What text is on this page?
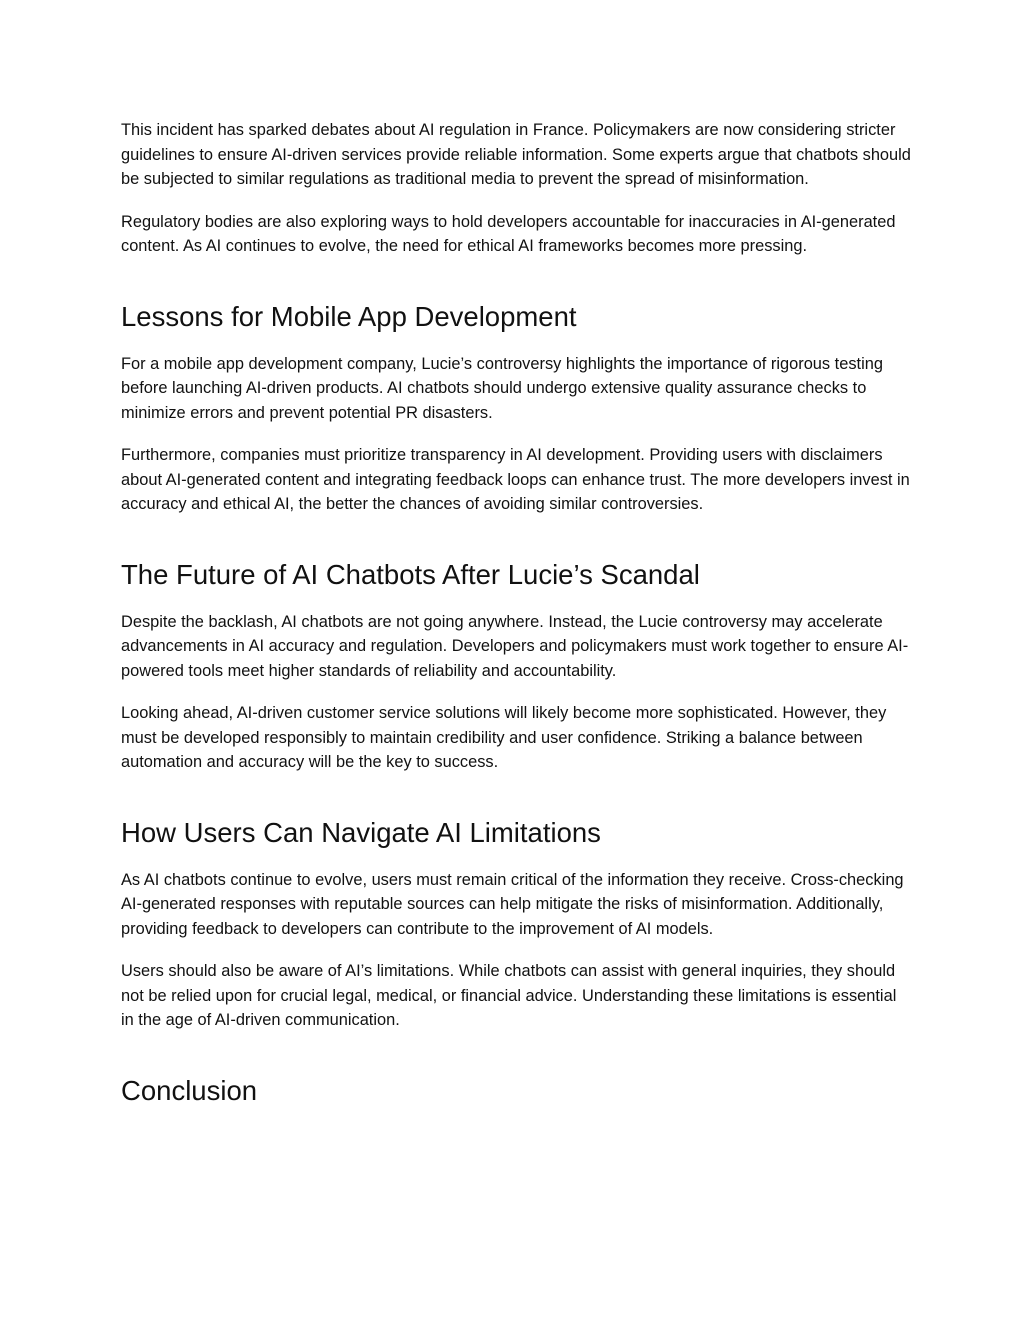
This incident has sparked debates about AI regulation in France. Policymakers are now considering stricter guidelines to ensure AI-driven services provide reliable information. Some experts argue that chatbots should be subjected to similar regulations as traditional media to prevent the spread of misinformation.

Regulatory bodies are also exploring ways to hold developers accountable for inaccuracies in AI-generated content. As AI continues to evolve, the need for ethical AI frameworks becomes more pressing.

Lessons for Mobile App Development

For a mobile app development company, Lucie’s controversy highlights the importance of rigorous testing before launching AI-driven products. AI chatbots should undergo extensive quality assurance checks to minimize errors and prevent potential PR disasters.

Furthermore, companies must prioritize transparency in AI development. Providing users with disclaimers about AI-generated content and integrating feedback loops can enhance trust. The more developers invest in accuracy and ethical AI, the better the chances of avoiding similar controversies.

The Future of AI Chatbots After Lucie’s Scandal

Despite the backlash, AI chatbots are not going anywhere. Instead, the Lucie controversy may accelerate advancements in AI accuracy and regulation. Developers and policymakers must work together to ensure AI-powered tools meet higher standards of reliability and accountability.

Looking ahead, AI-driven customer service solutions will likely become more sophisticated. However, they must be developed responsibly to maintain credibility and user confidence. Striking a balance between automation and accuracy will be the key to success.

How Users Can Navigate AI Limitations

As AI chatbots continue to evolve, users must remain critical of the information they receive. Cross-checking AI-generated responses with reputable sources can help mitigate the risks of misinformation. Additionally, providing feedback to developers can contribute to the improvement of AI models.

Users should also be aware of AI’s limitations. While chatbots can assist with general inquiries, they should not be relied upon for crucial legal, medical, or financial advice. Understanding these limitations is essential in the age of AI-driven communication.

Conclusion
